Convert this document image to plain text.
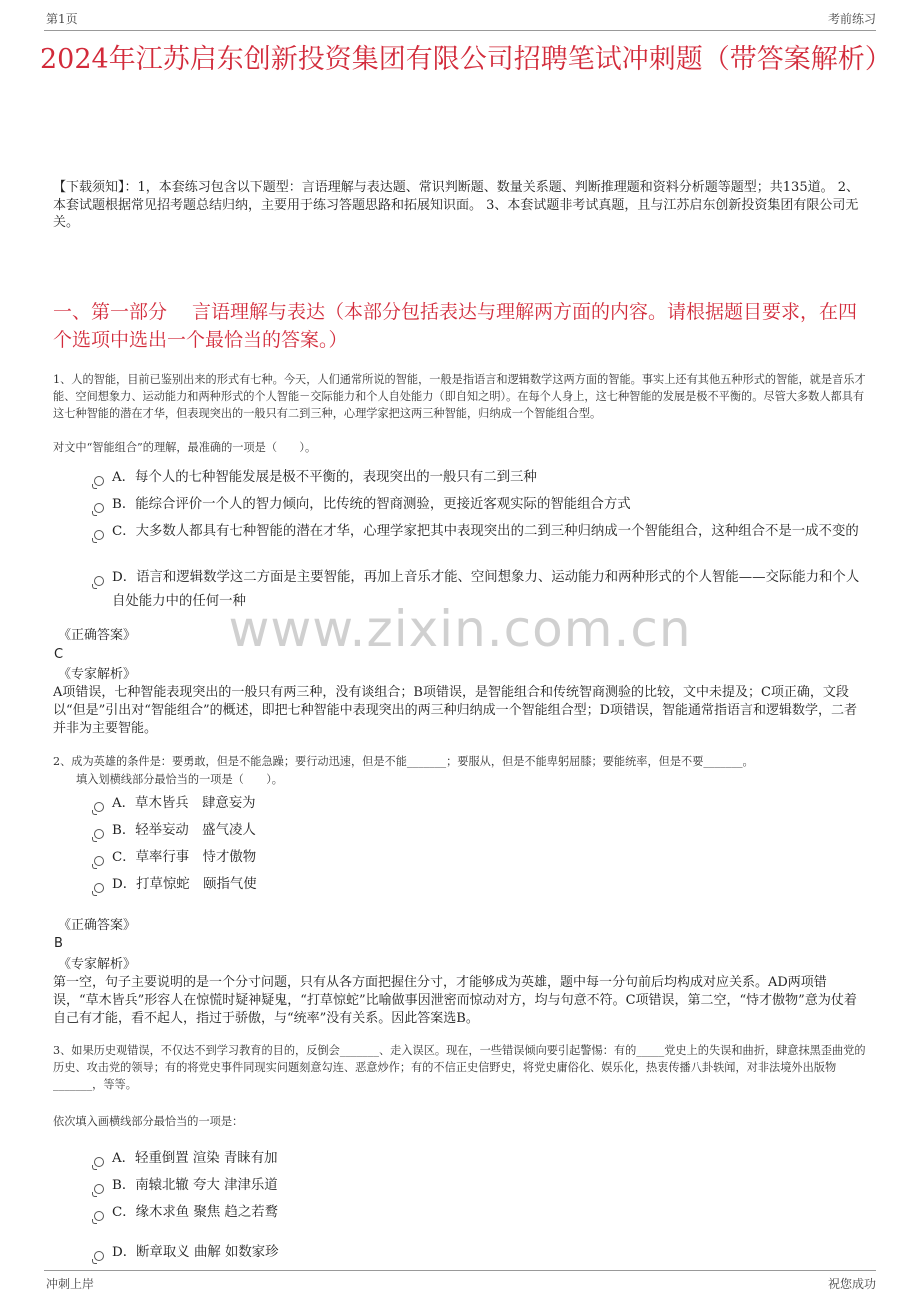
第1页	考前练习
2024年江苏启东创新投资集团有限公司招聘笔试冲刺题（带答案解析）
【下载须知】：1，本套练习包含以下题型：言语理解与表达题、常识判断题、数量关系题、判断推理题和资料分析题等题型；共135道。 2、本套试题根据常见招考题总结归纳，主要用于练习答题思路和拓展知识面。 3、本套试题非考试真题，且与江苏启东创新投资集团有限公司无关。
一、第一部分　 言语理解与表达（本部分包括表达与理解两方面的内容。请根据题目要求，在四个选项中选出一个最恰当的答案。）
www.zixin.com.cn
1、人的智能，目前已鉴别出来的形式有七种。今天，人们通常所说的智能，一般是指语言和逻辑数学这两方面的智能。事实上还有其他五种形式的智能，就是音乐才能、空间想象力、运动能力和两种形式的个人智能－交际能力和个人自处能力（即自知之明）。在每个人身上，这七种智能的发展是极不平衡的。尽管大多数人都具有这七种智能的潜在才华，但表现突出的一般只有二到三种，心理学家把这两三种智能，归纳成一个智能组合型。
对文中“智能组合”的理解，最准确的一项是（　　）。
A．每个人的七种智能发展是极不平衡的，表现突出的一般只有二到三种
B．能综合评价一个人的智力倾向，比传统的智商测验，更接近客观实际的智能组合方式
C．大多数人都具有七种智能的潜在才华，心理学家把其中表现突出的二到三种归纳成一个智能组合，这种组合不是一成不变的
D．语言和逻辑数学这二方面是主要智能，再加上音乐才能、空间想象力、运动能力和两种形式的个人智能——交际能力和个人自处能力中的任何一种
《正确答案》
C
《专家解析》
A项错误，七种智能表现突出的一般只有两三种，没有谈组合；B项错误，是智能组合和传统智商测验的比较，文中未提及；C项正确，文段以“但是”引出对“智能组合”的概述，即把七种智能中表现突出的两三种归纳成一个智能组合型；D项错误，智能通常指语言和逻辑数学，二者并非为主要智能。
2、成为英雄的条件是：要勇敢，但是不能急躁；要行动迅速，但是不能_______；要服从，但是不能卑躬屈膝；要能统率，但是不要_______。
填入划横线部分最恰当的一项是（　　）。
A．草木皆兵　肆意妄为
B．轻举妄动　盛气凌人
C．草率行事　恃才傲物
D．打草惊蛇　颐指气使
《正确答案》
B
《专家解析》
第一空，句子主要说明的是一个分寸问题，只有从各方面把握住分寸，才能够成为英雄，题中每一分句前后均构成对应关系。AD两项错误，“草木皆兵”形容人在惊慌时疑神疑鬼，“打草惊蛇”比喻做事因泄密而惊动对方，均与句意不符。C项错误，第二空，“恃才傲物”意为仗着自己有才能，看不起人，指过于骄傲，与“统率”没有关系。因此答案选B。
3、如果历史观错误，不仅达不到学习教育的目的，反倒会_______、走入误区。现在，一些错误倾向要引起警惕：有的_____党史上的失误和曲折，肆意抹黑歪曲党的历史、攻击党的领导；有的将党史事件同现实问题刻意勾连、恶意炒作；有的不信正史信野史，将党史庸俗化、娱乐化，热衷传播八卦轶闻，对非法境外出版物_______，等等。
依次填入画横线部分最恰当的一项是：
A．轻重倒置 渲染 青睐有加
B．南辕北辙 夸大 津津乐道
C．缘木求鱼 聚焦 趋之若鹜
D．断章取义 曲解 如数家珍
冲刺上岸	祝您成功
